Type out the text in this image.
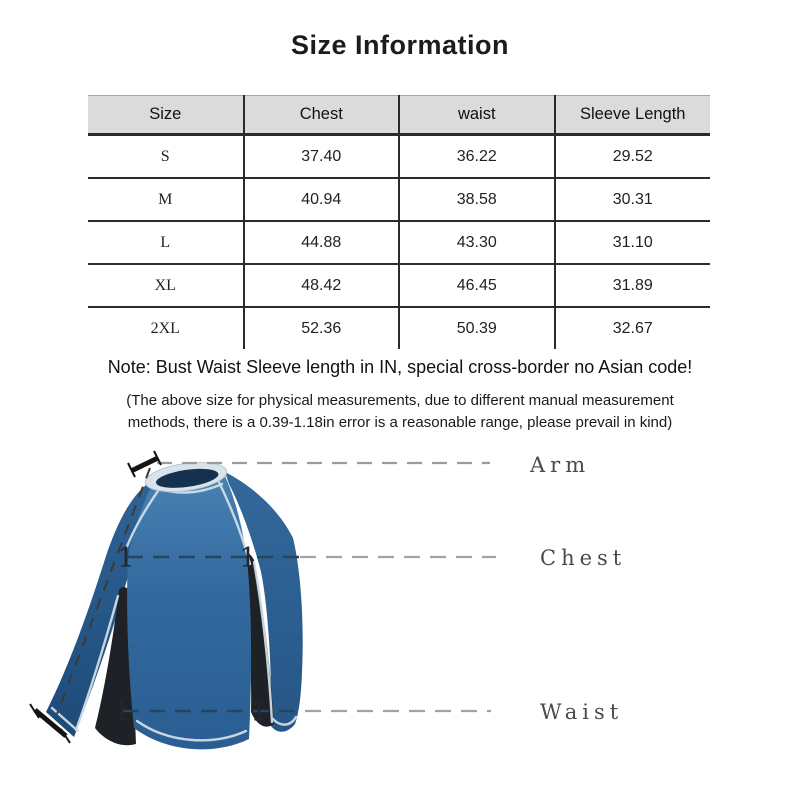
Size Information
Size	Chest	waist	Sleeve Length
S	37.40	36.22	29.52
M	40.94	38.58	30.31
L	44.88	43.30	31.10
XL	48.42	46.45	31.89
2XL	52.36	50.39	32.67
Note: Bust Waist Sleeve length in IN, special cross-border no Asian code!
(The above size for physical measurements, due to different manual measurement
methods, there is a 0.39-1.18in error is a reasonable range, please prevail in kind)
1	1
1	1
Arm
Chest
Waist
